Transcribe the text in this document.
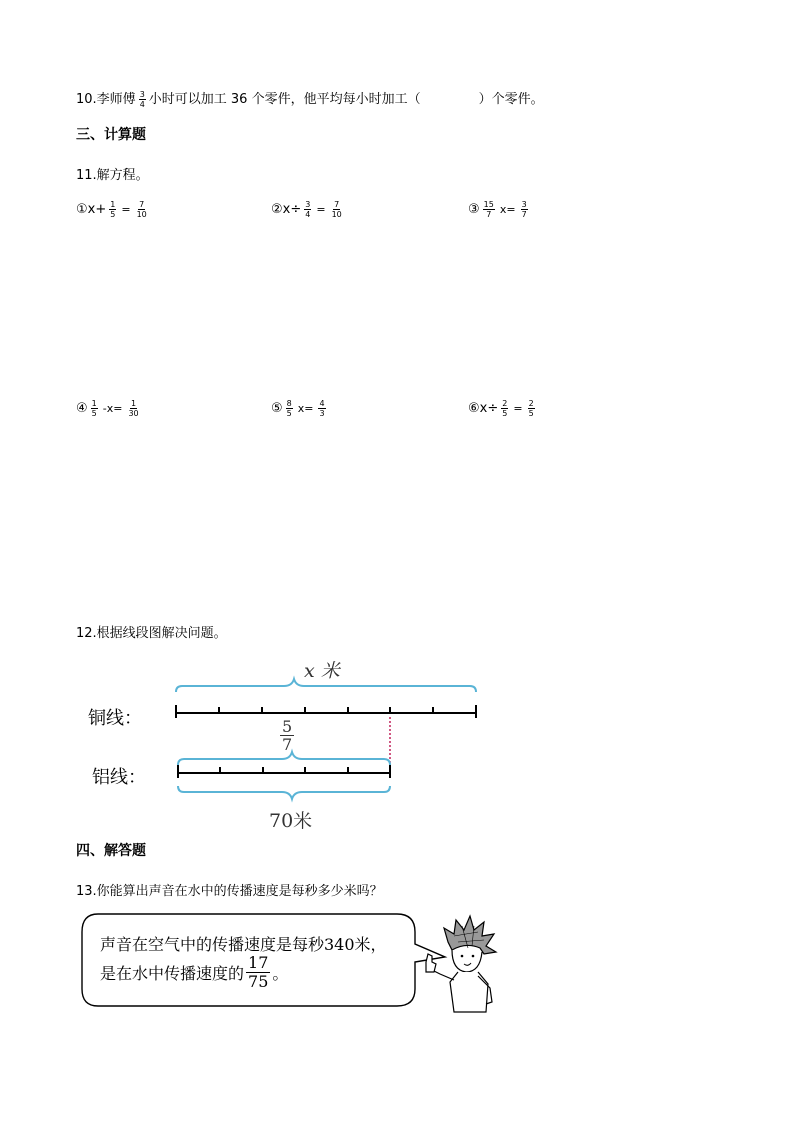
10.李师傅 $\frac{3}{4}$ 小时可以加工 36 个零件，他平均每小时加工（	）个零件。
三、计算题
11.解方程。
①x+ $\frac{1}{5} = \frac{7}{10}$	②x÷ $\frac{3}{4} = \frac{7}{10}$	③ $\frac{15}{7} x= \frac{3}{7}$
④ $\frac{1}{5} -x= \frac{1}{30}$	⑤ $\frac{8}{5} x= \frac{4}{3}$	⑥x÷ $\frac{2}{5} = \frac{2}{5}$
12.根据线段图解决问题。
x 米
铜线：	5
7
铝线：
70米
四、解答题
13.你能算出声音在水中的传播速度是每秒多少米吗？
声音在空气中的传播速度是每秒340米，
是在水中传播速度的
17
75 。
